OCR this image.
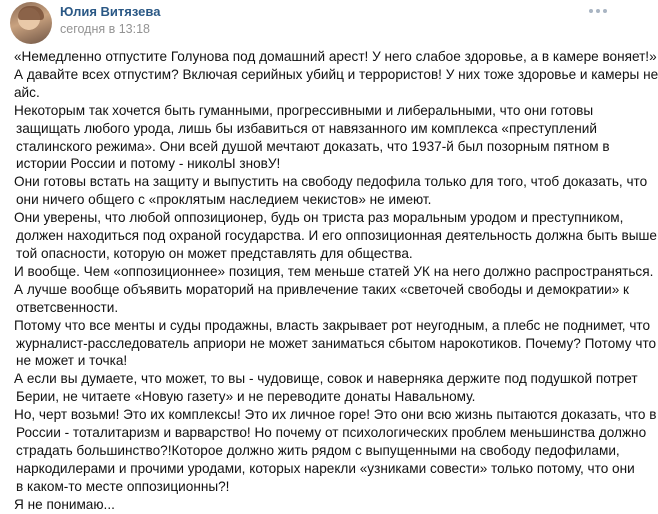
Юлия Витязева
сегодня в 13:18
«Немедленно отпустите Голунова под домашний арест! У него слабое здоровье, а в камере воняет!»
А давайте всех отпустим? Включая серийных убийц и террористов! У них тоже здоровье и камеры не
айс.
Некоторым так хочется быть гуманными, прогрессивными и либеральными, что они готовы
защищать любого урода, лишь бы избавиться от навязанного им комплекса «преступлений
сталинского режима». Они всей душой мечтают доказать, что 1937-й был позорным пятном в
истории России и потому - николЫ зновУ!
Они готовы встать на защиту и выпустить на свободу педофила только для того, чтоб доказать, что
они ничего общего с «проклятым наследием чекистов» не имеют.
Они уверены, что любой оппозиционер, будь он триста раз моральным уродом и преступником,
должен находиться под охраной государства. И его оппозиционная деятельность должна быть выше
той опасности, которую он может представлять для общества.
И вообще. Чем «оппозиционнее» позиция, тем меньше статей УК на него должно распространяться.
А лучше вообще объявить мораторий на привлечение таких «светочей свободы и демократии» к
ответсвенности.
Потому что все менты и суды продажны, власть закрывает рот неугодным, а плебс не поднимет, что
журналист-расследователь априори не может заниматься сбытом нарокотиков. Почему? Потому что
не может и точка!
А если вы думаете, что может, то вы - чудовище, совок и наверняка держите под подушкой потрет
Берии, не читаете «Новую газету» и не переводите донаты Навальному.
Но, черт возьми! Это их комплексы! Это их личное горе! Это они всю жизнь пытаются доказать, что в
России - тоталитаризм и варварство! Но почему от психологических проблем меньшинства должно
страдать большинство?!Которое должно жить рядом с выпущенными на свободу педофилами,
наркодилерами и прочими уродами, которых нарекли «узниками совести» только потому, что они
в каком-то месте оппозиционны?!
Я не понимаю...
